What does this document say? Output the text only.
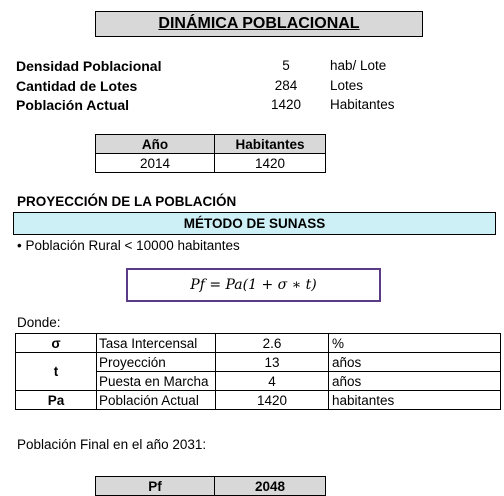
DINÁMICA POBLACIONAL
Densidad Poblacional	5	hab/ Lote
Cantidad de Lotes	284	Lotes
Población Actual	1420	Habitantes
Año	Habitantes
2014	1420
PROYECCIÓN DE LA POBLACIÓN
MÉTODO DE SUNASS
• Población Rural < 10000 habitantes
Pf = Pa(1 + σ ∗ t)
Donde:
σ	Tasa Intercensal	2.6	%
t	Proyección	13	años
	Puesta en Marcha	4	años
Pa	Población Actual	1420	habitantes
Población Final en el año 2031:
Pf	2048
